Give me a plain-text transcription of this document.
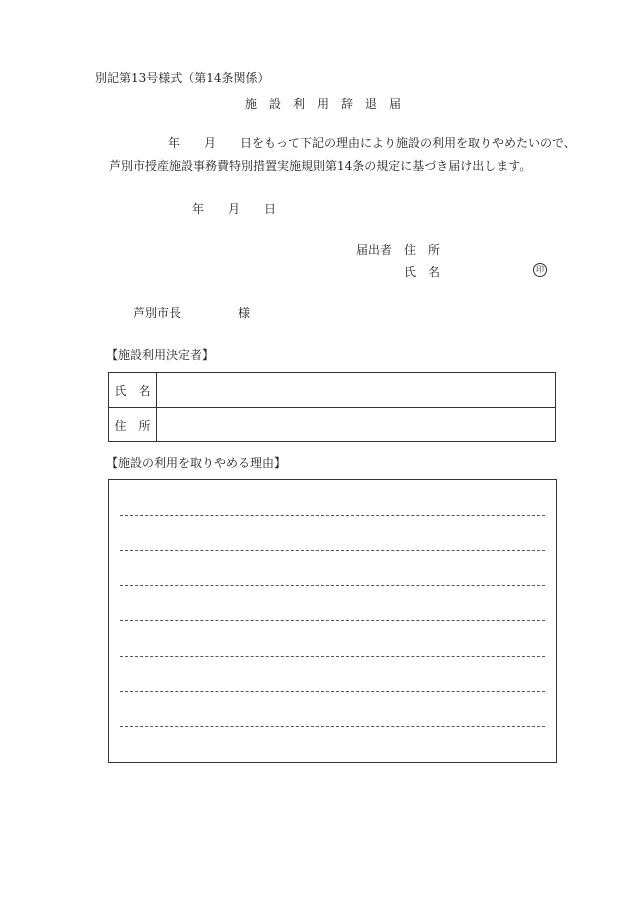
別記第13号様式（第14条関係）
施　設　利　用　辞　退　届
年　　月　　日をもって下記の理由により施設の利用を取りやめたいので、
芦別市授産施設事務費特別措置実施規則第14条の規定に基づき届け出します。
年　　月　　日
届出者　住　所
氏　名	印
芦別市長	様
【施設利用決定者】
氏　名
住　所
【施設の利用を取りやめる理由】
